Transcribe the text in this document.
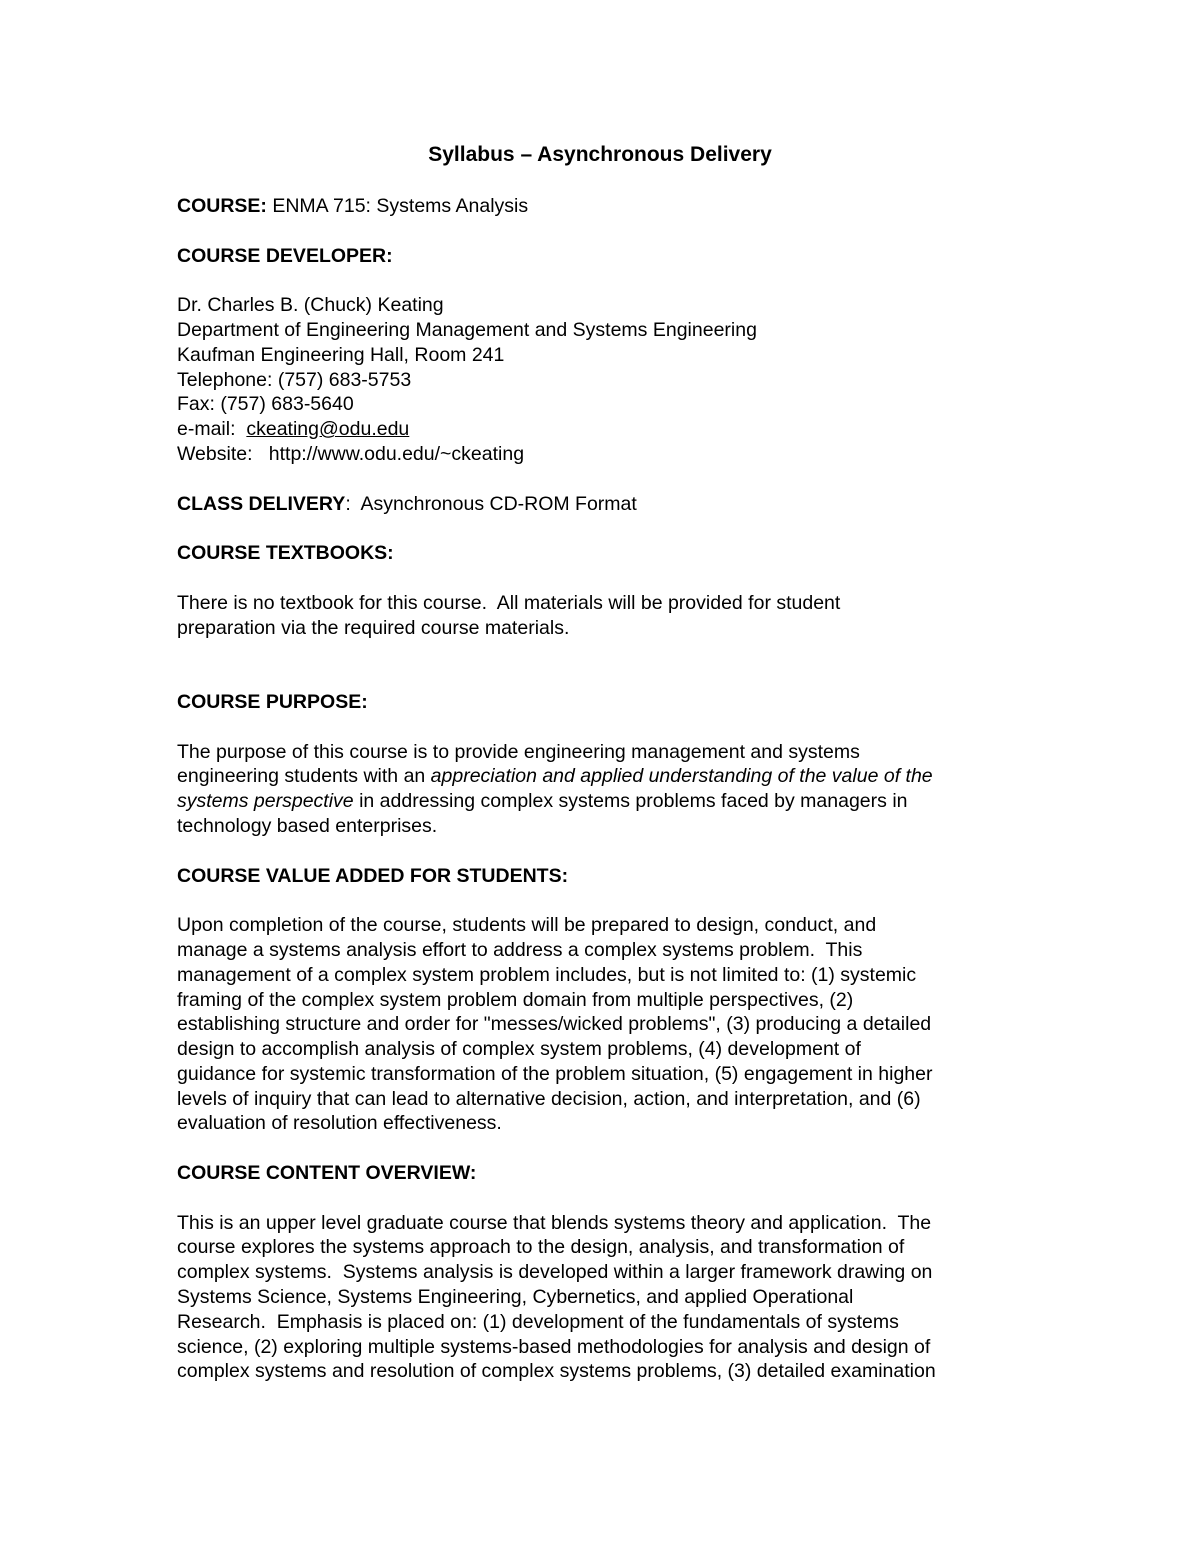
Syllabus – Asynchronous Delivery
COURSE: ENMA 715: Systems Analysis
COURSE DEVELOPER:
Dr. Charles B. (Chuck) Keating
Department of Engineering Management and Systems Engineering
Kaufman Engineering Hall, Room 241
Telephone: (757) 683-5753
Fax: (757) 683-5640
e-mail:  ckeating@odu.edu
Website:   http://www.odu.edu/~ckeating
CLASS DELIVERY:  Asynchronous CD-ROM Format
COURSE TEXTBOOKS:
There is no textbook for this course.  All materials will be provided for student
preparation via the required course materials.
COURSE PURPOSE:
The purpose of this course is to provide engineering management and systems
engineering students with an appreciation and applied understanding of the value of the
systems perspective in addressing complex systems problems faced by managers in
technology based enterprises.
COURSE VALUE ADDED FOR STUDENTS:
Upon completion of the course, students will be prepared to design, conduct, and
manage a systems analysis effort to address a complex systems problem.  This
management of a complex system problem includes, but is not limited to: (1) systemic
framing of the complex system problem domain from multiple perspectives, (2)
establishing structure and order for "messes/wicked problems", (3) producing a detailed
design to accomplish analysis of complex system problems, (4) development of
guidance for systemic transformation of the problem situation, (5) engagement in higher
levels of inquiry that can lead to alternative decision, action, and interpretation, and (6)
evaluation of resolution effectiveness.
COURSE CONTENT OVERVIEW:
This is an upper level graduate course that blends systems theory and application.  The
course explores the systems approach to the design, analysis, and transformation of
complex systems.  Systems analysis is developed within a larger framework drawing on
Systems Science, Systems Engineering, Cybernetics, and applied Operational
Research.  Emphasis is placed on: (1) development of the fundamentals of systems
science, (2) exploring multiple systems-based methodologies for analysis and design of
complex systems and resolution of complex systems problems, (3) detailed examination
